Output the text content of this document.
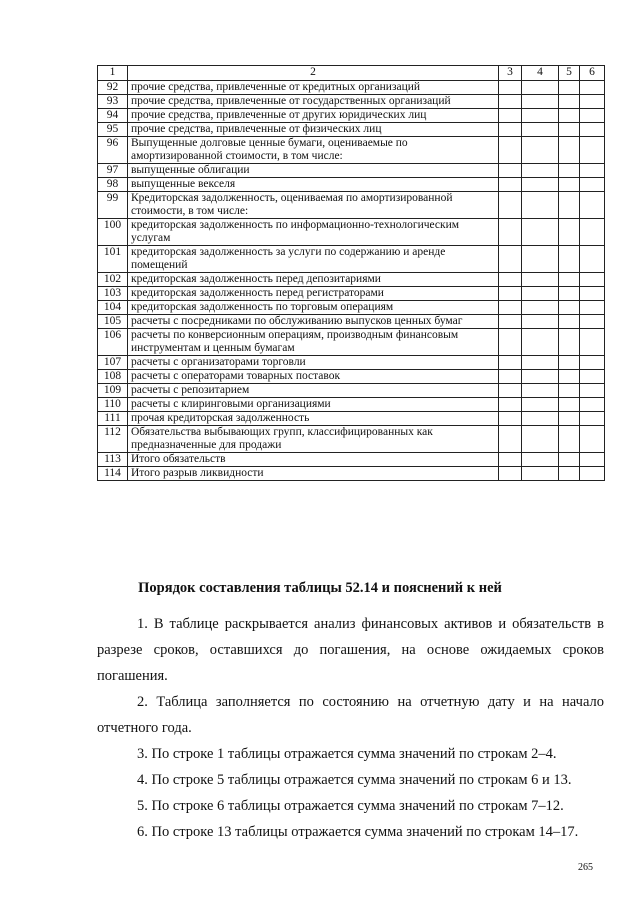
1	2	3	4	5	6
92	прочие средства, привлеченные от кредитных организаций				
93	прочие средства, привлеченные от государственных организаций				
94	прочие средства, привлеченные от других юридических лиц				
95	прочие средства, привлеченные от физических лиц				
96	Выпущенные долговые ценные бумаги, оцениваемые по амортизированной стоимости, в том числе:				
97	выпущенные облигации				
98	выпущенные векселя				
99	Кредиторская задолженность, оцениваемая по амортизированной стоимости, в том числе:				
100	кредиторская задолженность по информационно-технологическим услугам				
101	кредиторская задолженность за услуги по содержанию и аренде помещений				
102	кредиторская задолженность перед депозитариями				
103	кредиторская задолженность перед регистраторами				
104	кредиторская задолженность по торговым операциям				
105	расчеты с посредниками по обслуживанию выпусков ценных бумаг				
106	расчеты по конверсионным операциям, производным финансовым инструментам и ценным бумагам				
107	расчеты с организаторами торговли				
108	расчеты с операторами товарных поставок				
109	расчеты с репозитарием				
110	расчеты с клиринговыми организациями				
111	прочая кредиторская задолженность				
112	Обязательства выбывающих групп, классифицированных как предназначенные для продажи				
113	Итого обязательств				
114	Итого разрыв ликвидности				
Порядок составления таблицы 52.14 и пояснений к ней
1. В таблице раскрывается анализ финансовых активов и обязательств в разрезе сроков, оставшихся до погашения, на основе ожидаемых сроков погашения.
2. Таблица заполняется по состоянию на отчетную дату и на начало отчетного года.
3. По строке 1 таблицы отражается сумма значений по строкам 2–4.
4. По строке 5 таблицы отражается сумма значений по строкам 6 и 13.
5. По строке 6 таблицы отражается сумма значений по строкам 7–12.
6. По строке 13 таблицы отражается сумма значений по строкам 14–17.
265
